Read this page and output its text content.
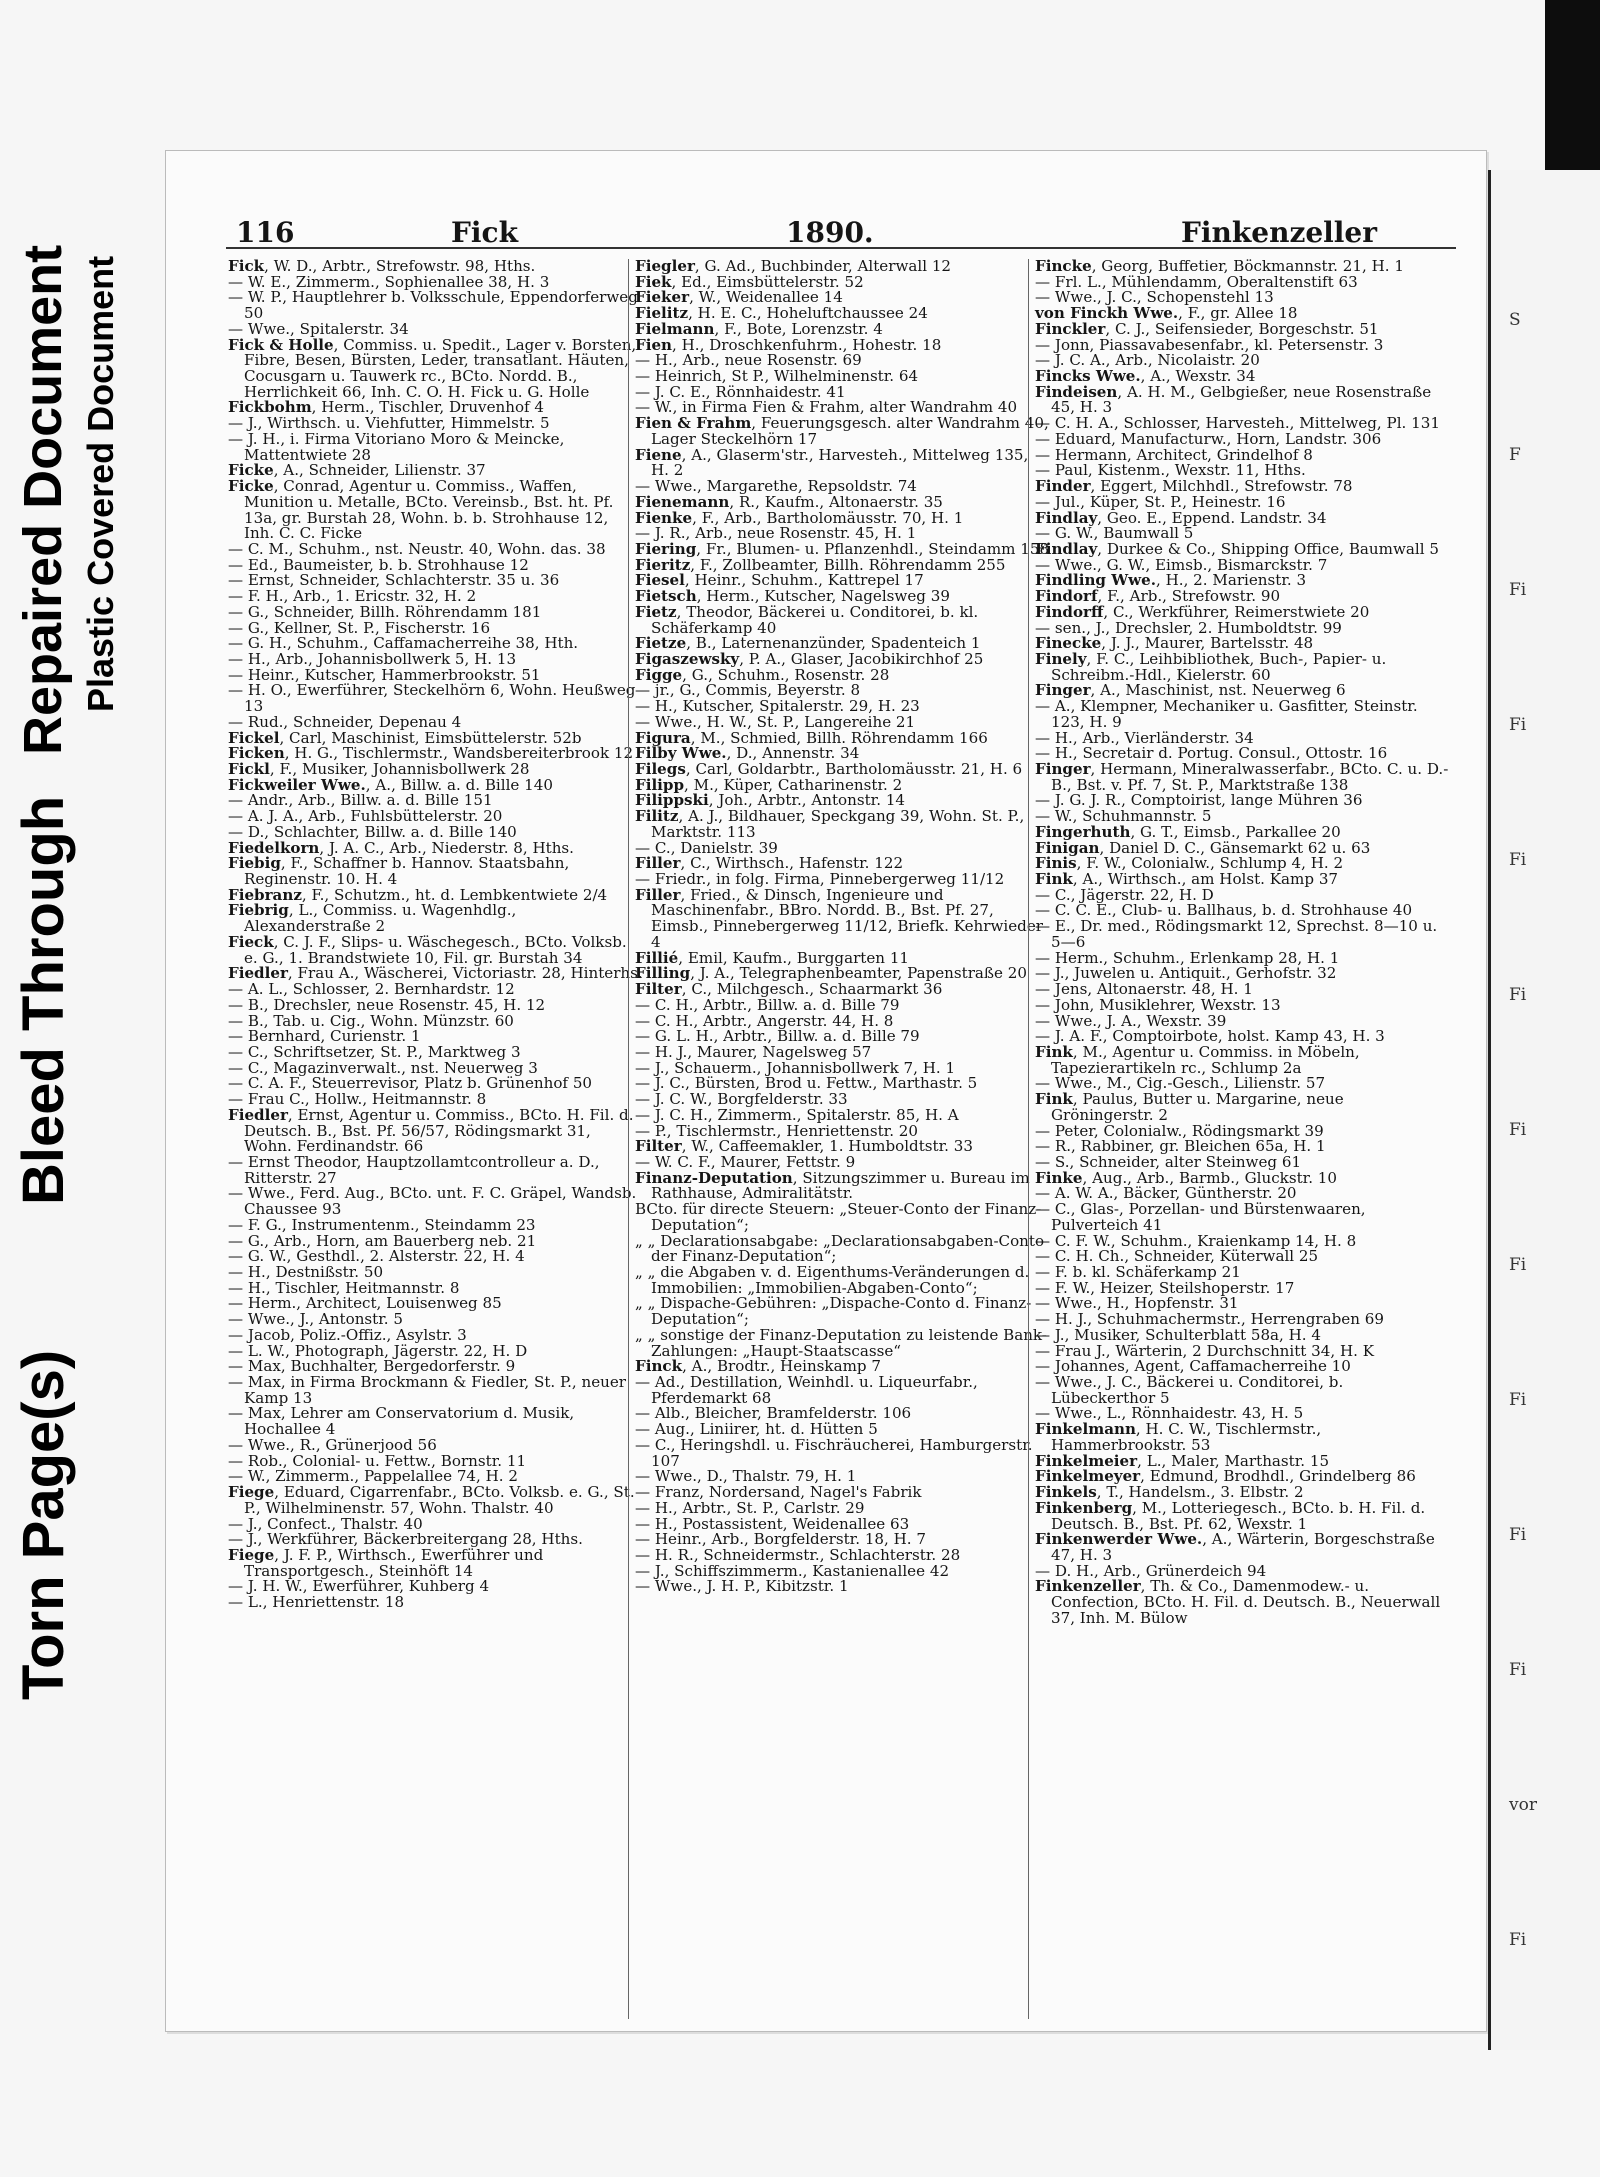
Torn Page(s)
Bleed Through
Repaired Document Plastic Covered Document
116	Fick	1890.	Finkenzeller

Fick, W. D., Arbtr., Strefowstr. 98, Hths.

— W. E., Zimmerm., Sophienallee 38, H. 3

— W. P., Hauptlehrer b. Volksschule, Eppendorferweg 50

— Wwe., Spitalerstr. 34

Fick & Holle, Commiss. u. Spedit., Lager v. Borsten, Fibre, Besen, Bürsten, Leder, transatlant. Häuten, Cocusgarn u. Tauwerk rc., BCto. Nordd. B., Herrlichkeit 66, Inh. C. O. H. Fick u. G. Holle

Fickbohm, Herm., Tischler, Druvenhof 4

— J., Wirthsch. u. Viehfutter, Himmelstr. 5

— J. H., i. Firma Vitoriano Moro & Meincke, Mattentwiete 28

Ficke, A., Schneider, Lilienstr. 37

Ficke, Conrad, Agentur u. Commiss., Waffen, Munition u. Metalle, BCto. Vereinsb., Bst. ht. Pf. 13a, gr. Burstah 28, Wohn. b. b. Strohhause 12, Inh. C. C. Ficke

— C. M., Schuhm., nst. Neustr. 40, Wohn. das. 38

— Ed., Baumeister, b. b. Strohhause 12

— Ernst, Schneider, Schlachterstr. 35 u. 36

— F. H., Arb., 1. Ericstr. 32, H. 2

— G., Schneider, Billh. Röhrendamm 181

— G., Kellner, St. P., Fischerstr. 16

— G. H., Schuhm., Caffamacherreihe 38, Hth.

— H., Arb., Johannisbollwerk 5, H. 13

— Heinr., Kutscher, Hammerbrookstr. 51

— H. O., Ewerführer, Steckelhörn 6, Wohn. Heußweg 13

— Rud., Schneider, Depenau 4

Fickel, Carl, Maschinist, Eimsbüttelerstr. 52b

Ficken, H. G., Tischlermstr., Wandsbereiterbrook 12

Fickl, F., Musiker, Johannisbollwerk 28

Fickweiler Wwe., A., Billw. a. d. Bille 140

— Andr., Arb., Billw. a. d. Bille 151

— A. J. A., Arb., Fuhlsbüttelerstr. 20

— D., Schlachter, Billw. a. d. Bille 140

Fiedelkorn, J. A. C., Arb., Niederstr. 8, Hths.

Fiebig, F., Schaffner b. Hannov. Staatsbahn, Reginenstr. 10. H. 4

Fiebranz, F., Schutzm., ht. d. Lembkentwiete 2/4

Fiebrig, L., Commiss. u. Wagenhdlg., Alexanderstraße 2

Fieck, C. J. F., Slips- u. Wäschegesch., BCto. Volksb. e. G., 1. Brandstwiete 10, Fil. gr. Burstah 34

Fiedler, Frau A., Wäscherei, Victoriastr. 28, Hinterhs.

— A. L., Schlosser, 2. Bernhardstr. 12

— B., Drechsler, neue Rosenstr. 45, H. 12

— B., Tab. u. Cig., Wohn. Münzstr. 60

— Bernhard, Curienstr. 1

— C., Schriftsetzer, St. P., Marktweg 3

— C., Magazinverwalt., nst. Neuerweg 3

— C. A. F., Steuerrevisor, Platz b. Grünenhof 50

— Frau C., Hollw., Heitmannstr. 8

Fiedler, Ernst, Agentur u. Commiss., BCto. H. Fil. d. Deutsch. B., Bst. Pf. 56/57, Rödingsmarkt 31, Wohn. Ferdinandstr. 66

— Ernst Theodor, Hauptzollamtcontrolleur a. D., Ritterstr. 27

— Wwe., Ferd. Aug., BCto. unt. F. C. Gräpel, Wandsb. Chaussee 93

— F. G., Instrumentenm., Steindamm 23

— G., Arb., Horn, am Bauerberg neb. 21

— G. W., Gesthdl., 2. Alsterstr. 22, H. 4

— H., Destnißstr. 50

— H., Tischler, Heitmannstr. 8

— Herm., Architect, Louisenweg 85

— Wwe., J., Antonstr. 5

— Jacob, Poliz.-Offiz., Asylstr. 3

— L. W., Photograph, Jägerstr. 22, H. D

— Max, Buchhalter, Bergedorferstr. 9

— Max, in Firma Brockmann & Fiedler, St. P., neuer Kamp 13

— Max, Lehrer am Conservatorium d. Musik, Hochallee 4

— Wwe., R., Grünerjood 56

— Rob., Colonial- u. Fettw., Bornstr. 11

— W., Zimmerm., Pappelallee 74, H. 2

Fiege, Eduard, Cigarrenfabr., BCto. Volksb. e. G., St. P., Wilhelminenstr. 57, Wohn. Thalstr. 40

— J., Confect., Thalstr. 40

— J., Werkführer, Bäckerbreitergang 28, Hths.

Fiege, J. F. P., Wirthsch., Ewerführer und Transportgesch., Steinhöft 14

— J. H. W., Ewerführer, Kuhberg 4

— L., Henriettenstr. 18

Fiegler, G. Ad., Buchbinder, Alterwall 12

Fiek, Ed., Eimsbüttelerstr. 52

Fieker, W., Weidenallee 14

Fielitz, H. E. C., Hoheluftchaussee 24

Fielmann, F., Bote, Lorenzstr. 4

Fien, H., Droschkenfuhrm., Hohestr. 18

— H., Arb., neue Rosenstr. 69

— Heinrich, St P., Wilhelminenstr. 64

— J. C. E., Rönnhaidestr. 41

— W., in Firma Fien & Frahm, alter Wandrahm 40

Fien & Frahm, Feuerungsgesch. alter Wandrahm 40, Lager Steckelhörn 17

Fiene, A., Glaserm'str., Harvesteh., Mittelweg 135, H. 2

— Wwe., Margarethe, Repsoldstr. 74

Fienemann, R., Kaufm., Altonaerstr. 35

Fienke, F., Arb., Bartholomäusstr. 70, H. 1

— J. R., Arb., neue Rosenstr. 45, H. 1

Fiering, Fr., Blumen- u. Pflanzenhdl., Steindamm 158

Fieritz, F., Zollbeamter, Billh. Röhrendamm 255

Fiesel, Heinr., Schuhm., Kattrepel 17

Fietsch, Herm., Kutscher, Nagelsweg 39

Fietz, Theodor, Bäckerei u. Conditorei, b. kl. Schäferkamp 40

Fietze, B., Laternenanzünder, Spadenteich 1

Figaszewsky, P. A., Glaser, Jacobikirchhof 25

Figge, G., Schuhm., Rosenstr. 28

— jr., G., Commis, Beyerstr. 8

— H., Kutscher, Spitalerstr. 29, H. 23

— Wwe., H. W., St. P., Langereihe 21

Figura, M., Schmied, Billh. Röhrendamm 166

Filby Wwe., D., Annenstr. 34

Filegs, Carl, Goldarbtr., Bartholomäusstr. 21, H. 6

Filipp, M., Küper, Catharinenstr. 2

Filippski, Joh., Arbtr., Antonstr. 14

Filitz, A. J., Bildhauer, Speckgang 39, Wohn. St. P., Marktstr. 113

— C., Danielstr. 39

Filler, C., Wirthsch., Hafenstr. 122

— Friedr., in folg. Firma, Pinnebergerweg 11/12

Filler, Fried., & Dinsch, Ingenieure und Maschinenfabr., BBro. Nordd. B., Bst. Pf. 27, Eimsb., Pinnebergerweg 11/12, Briefk. Kehrwieder 4

Fillié, Emil, Kaufm., Burggarten 11

Filling, J. A., Telegraphenbeamter, Papenstraße 20

Filter, C., Milchgesch., Schaarmarkt 36

— C. H., Arbtr., Billw. a. d. Bille 79

— C. H., Arbtr., Angerstr. 44, H. 8

— G. L. H., Arbtr., Billw. a. d. Bille 79

— H. J., Maurer, Nagelsweg 57

— J., Schauerm., Johannisbollwerk 7, H. 1

— J. C., Bürsten, Brod u. Fettw., Marthastr. 5

— J. C. W., Borgfelderstr. 33

— J. C. H., Zimmerm., Spitalerstr. 85, H. A

— P., Tischlermstr., Henriettenstr. 20

Filter, W., Caffeemakler, 1. Humboldtstr. 33

— W. C. F., Maurer, Fettstr. 9

Finanz-Deputation, Sitzungszimmer u. Bureau im Rathhause, Admiralitätstr.

BCto. für directe Steuern: „Steuer-Conto der Finanz-Deputation“;

„ „ Declarationsabgabe: „Declarationsabgaben-Conto der Finanz-Deputation“;

„ „ die Abgaben v. d. Eigenthums-Veränderungen d. Immobilien: „Immobilien-Abgaben-Conto“;

„ „ Dispache-Gebühren: „Dispache-Conto d. Finanz-Deputation“;

„ „ sonstige der Finanz-Deputation zu leistende Bank-Zahlungen: „Haupt-Staatscasse“

Finck, A., Brodtr., Heinskamp 7

— Ad., Destillation, Weinhdl. u. Liqueurfabr., Pferdemarkt 68

— Alb., Bleicher, Bramfelderstr. 106

— Aug., Liniirer, ht. d. Hütten 5

— C., Heringshdl. u. Fischräucherei, Hamburgerstr. 107

— Wwe., D., Thalstr. 79, H. 1

— Franz, Nordersand, Nagel's Fabrik

— H., Arbtr., St. P., Carlstr. 29

— H., Postassistent, Weidenallee 63

— Heinr., Arb., Borgfelderstr. 18, H. 7

— H. R., Schneidermstr., Schlachterstr. 28

— J., Schiffszimmerm., Kastanienallee 42

— Wwe., J. H. P., Kibitzstr. 1

Fincke, Georg, Buffetier, Böckmannstr. 21, H. 1

— Frl. L., Mühlendamm, Oberaltenstift 63

— Wwe., J. C., Schopenstehl 13

von Finckh Wwe., F., gr. Allee 18

Finckler, C. J., Seifensieder, Borgeschstr. 51

— Jonn, Piassavabesenfabr., kl. Petersenstr. 3

— J. C. A., Arb., Nicolaistr. 20

Fincks Wwe., A., Wexstr. 34

Findeisen, A. H. M., Gelbgießer, neue Rosenstraße 45, H. 3

— C. H. A., Schlosser, Harvesteh., Mittelweg, Pl. 131

— Eduard, Manufacturw., Horn, Landstr. 306

— Hermann, Architect, Grindelhof 8

— Paul, Kistenm., Wexstr. 11, Hths.

Finder, Eggert, Milchhdl., Strefowstr. 78

— Jul., Küper, St. P., Heinestr. 16

Findlay, Geo. E., Eppend. Landstr. 34

— G. W., Baumwall 5

Findlay, Durkee & Co., Shipping Office, Baumwall 5

— Wwe., G. W., Eimsb., Bismarckstr. 7

Findling Wwe., H., 2. Marienstr. 3

Findorf, F., Arb., Strefowstr. 90

Findorff, C., Werkführer, Reimerstwiete 20

— sen., J., Drechsler, 2. Humboldtstr. 99

Finecke, J. J., Maurer, Bartelsstr. 48

Finely, F. C., Leihbibliothek, Buch-, Papier- u. Schreibm.-Hdl., Kielerstr. 60

Finger, A., Maschinist, nst. Neuerweg 6

— A., Klempner, Mechaniker u. Gasfitter, Steinstr. 123, H. 9

— H., Arb., Vierländerstr. 34

— H., Secretair d. Portug. Consul., Ottostr. 16

Finger, Hermann, Mineralwasserfabr., BCto. C. u. D.-B., Bst. v. Pf. 7, St. P., Marktstraße 138

— J. G. J. R., Comptoirist, lange Mühren 36

— W., Schuhmannstr. 5

Fingerhuth, G. T., Eimsb., Parkallee 20

Finigan, Daniel D. C., Gänsemarkt 62 u. 63

Finis, F. W., Colonialw., Schlump 4, H. 2

Fink, A., Wirthsch., am Holst. Kamp 37

— C., Jägerstr. 22, H. D

— C. C. E., Club- u. Ballhaus, b. d. Strohhause 40

— E., Dr. med., Rödingsmarkt 12, Sprechst. 8—10 u. 5—6

— Herm., Schuhm., Erlenkamp 28, H. 1

— J., Juwelen u. Antiquit., Gerhofstr. 32

— Jens, Altonaerstr. 48, H. 1

— John, Musiklehrer, Wexstr. 13

— Wwe., J. A., Wexstr. 39

— J. A. F., Comptoirbote, holst. Kamp 43, H. 3

Fink, M., Agentur u. Commiss. in Möbeln, Tapezierartikeln rc., Schlump 2a

— Wwe., M., Cig.-Gesch., Lilienstr. 57

Fink, Paulus, Butter u. Margarine, neue Gröningerstr. 2

— Peter, Colonialw., Rödingsmarkt 39

— R., Rabbiner, gr. Bleichen 65a, H. 1

— S., Schneider, alter Steinweg 61

Finke, Aug., Arb., Barmb., Gluckstr. 10

— A. W. A., Bäcker, Güntherstr. 20

— C., Glas-, Porzellan- und Bürstenwaaren, Pulverteich 41

— C. F. W., Schuhm., Kraienkamp 14, H. 8

— C. H. Ch., Schneider, Küterwall 25

— F. b. kl. Schäferkamp 21

— F. W., Heizer, Steilshoperstr. 17

— Wwe., H., Hopfenstr. 31

— H. J., Schuhmachermstr., Herrengraben 69

— J., Musiker, Schulterblatt 58a, H. 4

— Frau J., Wärterin, 2 Durchschnitt 34, H. K

— Johannes, Agent, Caffamacherreihe 10

— Wwe., J. C., Bäckerei u. Conditorei, b. Lübeckerthor 5

— Wwe., L., Rönnhaidestr. 43, H. 5

Finkelmann, H. C. W., Tischlermstr., Hammerbrookstr. 53

Finkelmeier, L., Maler, Marthastr. 15

Finkelmeyer, Edmund, Brodhdl., Grindelberg 86

Finkels, T., Handelsm., 3. Elbstr. 2

Finkenberg, M., Lotteriegesch., BCto. b. H. Fil. d. Deutsch. B., Bst. Pf. 62, Wexstr. 1

Finkenwerder Wwe., A., Wärterin, Borgeschstraße 47, H. 3

— D. H., Arb., Grünerdeich 94

Finkenzeller, Th. & Co., Damenmodew.- u. Confection, BCto. H. Fil. d. Deutsch. B., Neuerwall 37, Inh. M. Bülow

S
F
Fi
Fi
Fi
Fi
Fi
Fi
Fi
Fi
Fi
vor
Fi
